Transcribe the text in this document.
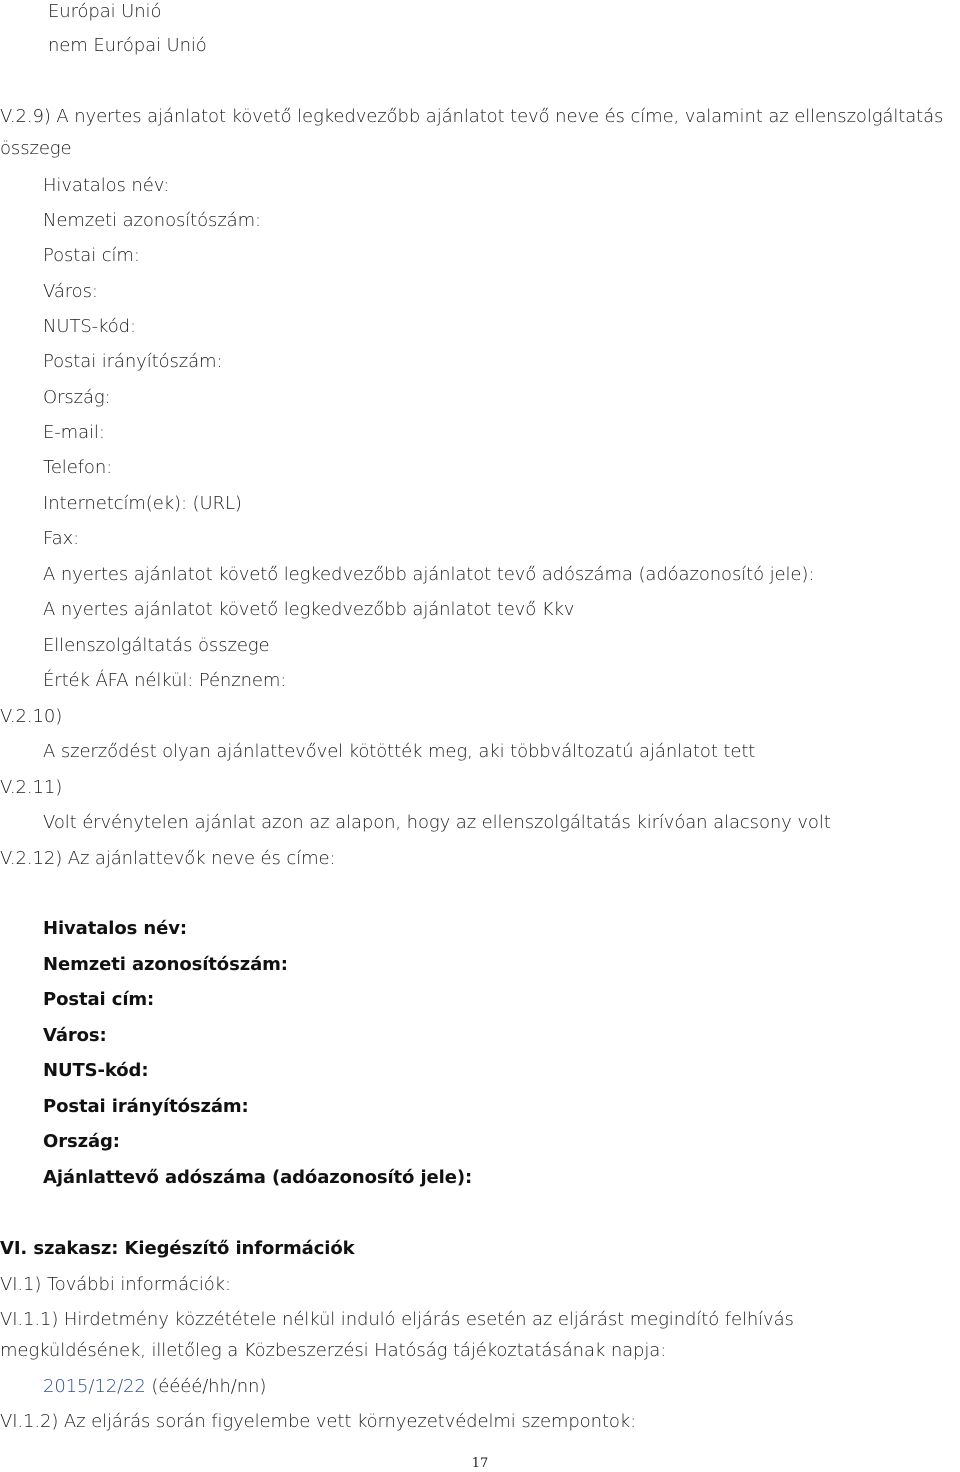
Európai Unió
nem Európai Unió
V.2.9) A nyertes ajánlatot követő legkedvezőbb ajánlatot tevő neve és címe, valamint az ellenszolgáltatás
összege
Hivatalos név:
Nemzeti azonosítószám:
Postai cím:
Város:
NUTS-kód:
Postai irányítószám:
Ország:
E-mail:
Telefon:
Internetcím(ek): (URL)
Fax:
A nyertes ajánlatot követő legkedvezőbb ajánlatot tevő adószáma (adóazonosító jele):
A nyertes ajánlatot követő legkedvezőbb ajánlatot tevő Kkv
Ellenszolgáltatás összege
Érték ÁFA nélkül: Pénznem:
V.2.10)
A szerződést olyan ajánlattevővel kötötték meg, aki többváltozatú ajánlatot tett
V.2.11)
Volt érvénytelen ajánlat azon az alapon, hogy az ellenszolgáltatás kirívóan alacsony volt
V.2.12) Az ajánlattevők neve és címe:
Hivatalos név:
Nemzeti azonosítószám:
Postai cím:
Város:
NUTS-kód:
Postai irányítószám:
Ország:
Ajánlattevő adószáma (adóazonosító jele):
VI. szakasz: Kiegészítő információk
VI.1) További információk:
VI.1.1) Hirdetmény közzététele nélkül induló eljárás esetén az eljárást megindító felhívás
megküldésének, illetőleg a Közbeszerzési Hatóság tájékoztatásának napja:
2015/12/22 (éééé/hh/nn)
VI.1.2) Az eljárás során figyelembe vett környezetvédelmi szempontok:
17
